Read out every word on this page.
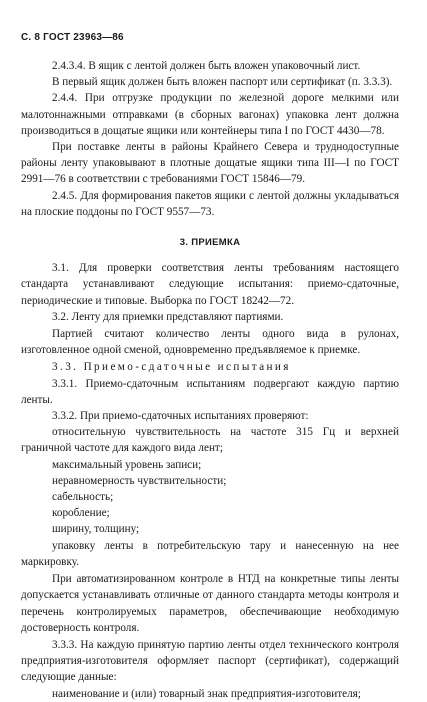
С. 8 ГОСТ 23963—86

2.4.3.4. В ящик с лентой должен быть вложен упаковочный лист.

В первый ящик должен быть вложен паспорт или сертификат (п. 3.3.3).

2.4.4. При отгрузке продукции по железной дороге мелкими или малотоннажными отправками (в сборных вагонах) упаковка лент должна производиться в дощатые ящики или контейнеры типа I по ГОСТ 4430—78.

При поставке ленты в районы Крайнего Севера и труднодоступные районы ленту упаковывают в плотные дощатые ящики типа III—I по ГОСТ 2991—76 в соответствии с требованиями ГОСТ 15846—79.

2.4.5. Для формирования пакетов ящики с лентой должны укладываться на плоские поддоны по ГОСТ 9557—73.

3. ПРИЕМКА

3.1. Для проверки соответствия ленты требованиям настоящего стандарта устанавливают следующие испытания: приемо-сдаточные, периодические и типовые. Выборка по ГОСТ 18242—72.

3.2. Ленту для приемки представляют партиями.

Партией считают количество ленты одного вида в рулонах, изготовленное одной сменой, одновременно предъявляемое к приемке.

3.3. Приемо-сдаточные испытания

3.3.1. Приемо-сдаточным испытаниям подвергают каждую партию ленты.

3.3.2. При приемо-сдаточных испытаниях проверяют:

относительную чувствительность на частоте 315 Гц и верхней граничной частоте для каждого вида лент;

максимальный уровень записи;

неравномерность чувствительности;

сабельность;

коробление;

ширину, толщину;

упаковку ленты в потребительскую тару и нанесенную на нее маркировку.

При автоматизированном контроле в НТД на конкретные типы ленты допускается устанавливать отличные от данного стандарта методы контроля и перечень контролируемых параметров, обеспечивающие необходимую достоверность контроля.

3.3.3. На каждую принятую партию ленты отдел технического контроля предприятия-изготовителя оформляет паспорт (сертификат), содержащий следующие данные:

наименование и (или) товарный знак предприятия-изготовителя;
